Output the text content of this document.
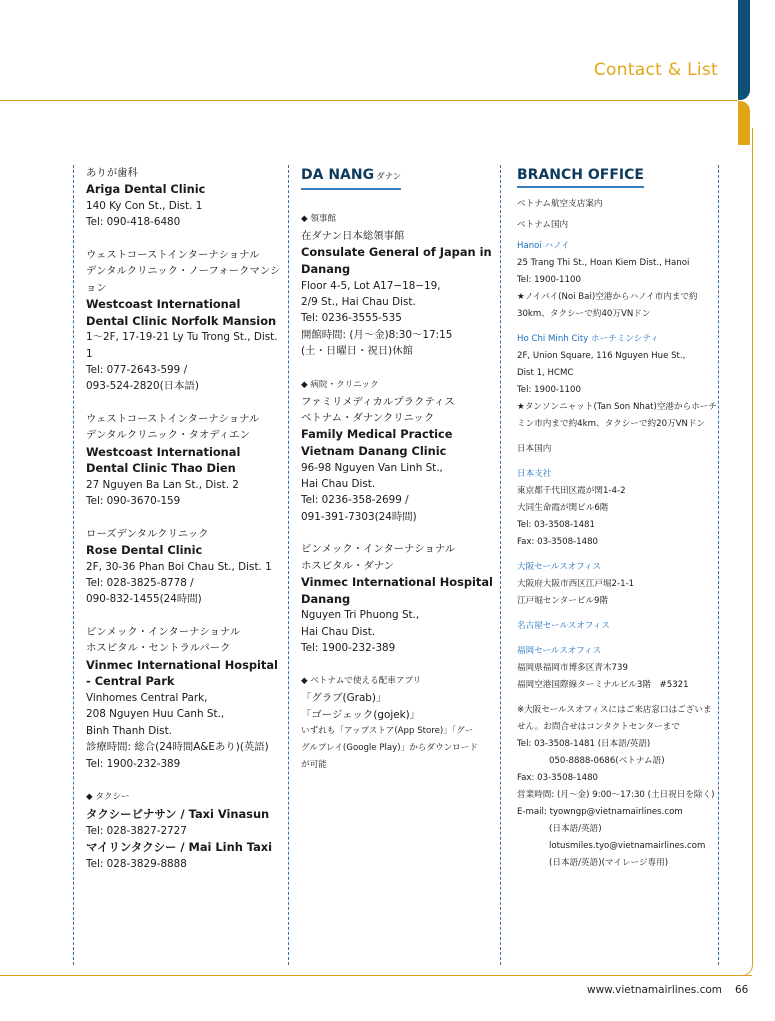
Contact & List
ありが歯科
Ariga Dental Clinic
140 Ky Con St., Dist. 1
Tel: 090-418-6480
ウェストコーストインターナショナル
デンタルクリニック・ノーフォークマンション
Westcoast International Dental Clinic Norfolk Mansion
1〜2F, 17-19-21 Ly Tu Trong St., Dist. 1
Tel: 077-2643-599 /
093-524-2820(日本語)
ウェストコーストインターナショナル
デンタルクリニック・タオディエン
Westcoast International Dental Clinic Thao Dien
27 Nguyen Ba Lan St., Dist. 2
Tel: 090-3670-159
ローズデンタルクリニック
Rose Dental Clinic
2F, 30-36 Phan Boi Chau St., Dist. 1
Tel: 028-3825-8778 /
090-832-1455(24時間)
ビンメック・インターナショナル
ホスピタル・セントラルパーク
Vinmec International Hospital - Central Park
Vinhomes Central Park,
208 Nguyen Huu Canh St.,
Binh Thanh Dist.
診療時間: 総合(24時間A&Eあり)(英語)
Tel: 1900-232-389
◆ タクシー
タクシービナサン / Taxi Vinasun
Tel: 028-3827-2727
マイリンタクシー / Mai Linh Taxi
Tel: 028-3829-8888
DA NANG ダナン
◆ 領事館
在ダナン日本総領事館
Consulate General of Japan in Danang
Floor 4-5, Lot A17−18−19,
2/9 St., Hai Chau Dist.
Tel: 0236-3555-535
開館時間: (月〜金)8:30〜17:15
(土・日曜日・祝日)休館
◆ 病院・クリニック
ファミリメディカルプラクティス
ベトナム・ダナンクリニック
Family Medical Practice Vietnam Danang Clinic
96-98 Nguyen Van Linh St.,
Hai Chau Dist.
Tel: 0236-358-2699 /
091-391-7303(24時間)
ビンメック・インターナショナル
ホスピタル・ダナン
Vinmec International Hospital Danang
Nguyen Tri Phuong St.,
Hai Chau Dist.
Tel: 1900-232-389
◆ ベトナムで使える配車アプリ
「グラブ(Grab)」
「ゴージェック(gojek)」
いずれも「アップストア(App Store)」「グー
グルプレイ(Google Play)」からダウンロード
が可能
BRANCH OFFICE
ベトナム航空支店案内
ベトナム国内
Hanoi ハノイ
25 Trang Thi St., Hoan Kiem Dist., Hanoi
Tel: 1900-1100
★ノイバイ(Noi Bai)空港からハノイ市内まで約
30km、タクシーで約40万VNドン
Ho Chi Minh City ホーチミンシティ
2F, Union Square, 116 Nguyen Hue St.,
Dist 1, HCMC
Tel: 1900-1100
★タンソンニャット(Tan Son Nhat)空港からホーチ
ミン市内まで約4km、タクシーで約20万VNドン
日本国内
日本支社
東京都千代田区霞が関1-4-2
大同生命霞が関ビル6階
Tel: 03-3508-1481
Fax: 03-3508-1480
大阪セールスオフィス
大阪府大阪市西区江戸堀2-1-1
江戸堀センタービル9階
名古屋セールスオフィス
福岡セールスオフィス
福岡県福岡市博多区青木739
福岡空港国際線ターミナルビル3階　#5321
※大阪セールスオフィスにはご来店窓口はございま
せん。お問合せはコンタクトセンターまで
Tel: 03-3508-1481 (日本語/英語)
050-8888-0686(ベトナム語)
Fax: 03-3508-1480
営業時間: (月〜金) 9:00〜17:30 (土日祝日を除く)
E-mail: tyowngp@vietnamairlines.com
(日本語/英語)
lotusmiles.tyo@vietnamairlines.com
(日本語/英語)(マイレージ専用)
www.vietnamairlines.com 66
